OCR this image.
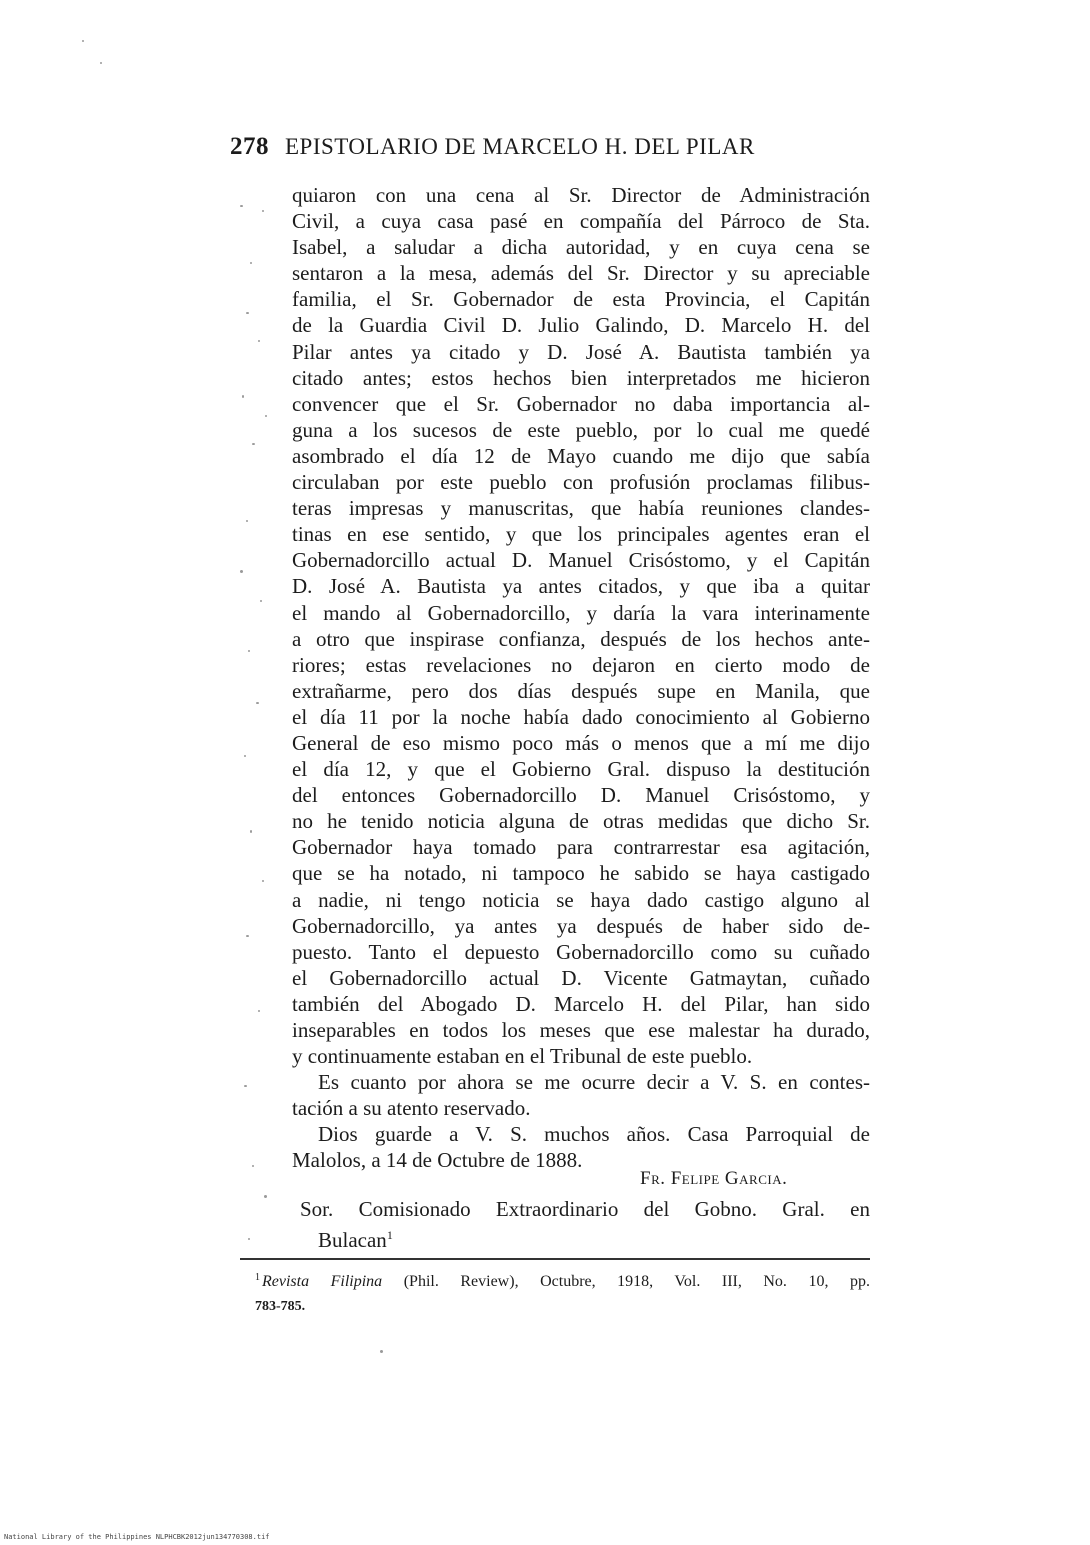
278 EPISTOLARIO DE MARCELO H. DEL PILAR
quiaron con una cena al Sr. Director de Administración
Civil, a cuya casa pasé en compañía del Párroco de Sta.
Isabel, a saludar a dicha autoridad, y en cuya cena se
sentaron a la mesa, además del Sr. Director y su apreciable
familia, el Sr. Gobernador de esta Provincia, el Capitán
de la Guardia Civil D. Julio Galindo, D. Marcelo H. del
Pilar antes ya citado y D. José A. Bautista también ya
citado antes; estos hechos bien interpretados me hicieron
convencer que el Sr. Gobernador no daba importancia al-
guna a los sucesos de este pueblo, por lo cual me quedé
asombrado el día 12 de Mayo cuando me dijo que sabía
circulaban por este pueblo con profusión proclamas filibus-
teras impresas y manuscritas, que había reuniones clandes-
tinas en ese sentido, y que los principales agentes eran el
Gobernadorcillo actual D. Manuel Crisóstomo, y el Capitán
D. José A. Bautista ya antes citados, y que iba a quitar
el mando al Gobernadorcillo, y daría la vara interinamente
a otro que inspirase confianza, después de los hechos ante-
riores; estas revelaciones no dejaron en cierto modo de
extrañarme, pero dos días después supe en Manila, que
el día 11 por la noche había dado conocimiento al Gobierno
General de eso mismo poco más o menos que a mí me dijo
el día 12, y que el Gobierno Gral. dispuso la destitución
del entonces Gobernadorcillo D. Manuel Crisóstomo, y
no he tenido noticia alguna de otras medidas que dicho Sr.
Gobernador haya tomado para contrarrestar esa agitación,
que se ha notado, ni tampoco he sabido se haya castigado
a nadie, ni tengo noticia se haya dado castigo alguno al
Gobernadorcillo, ya antes ya después de haber sido de-
puesto. Tanto el depuesto Gobernadorcillo como su cuñado
el Gobernadorcillo actual D. Vicente Gatmaytan, cuñado
también del Abogado D. Marcelo H. del Pilar, han sido
inseparables en todos los meses que ese malestar ha durado,
y continuamente estaban en el Tribunal de este pueblo.
Es cuanto por ahora se me ocurre decir a V. S. en contes-
tación a su atento reservado.
Dios guarde a V. S. muchos años. Casa Parroquial de
Malolos, a 14 de Octubre de 1888.
Fr. Felipe Garcia.
Sor. Comisionado Extraordinario del Gobno. Gral. en
Bulacan$^1$
$^1$ Revista Filipina (Phil. Review), Octubre, 1918, Vol. III, No. 10, pp.
783-785.
National Library of the Philippines NLPHCBK2012jun134770308.tif
